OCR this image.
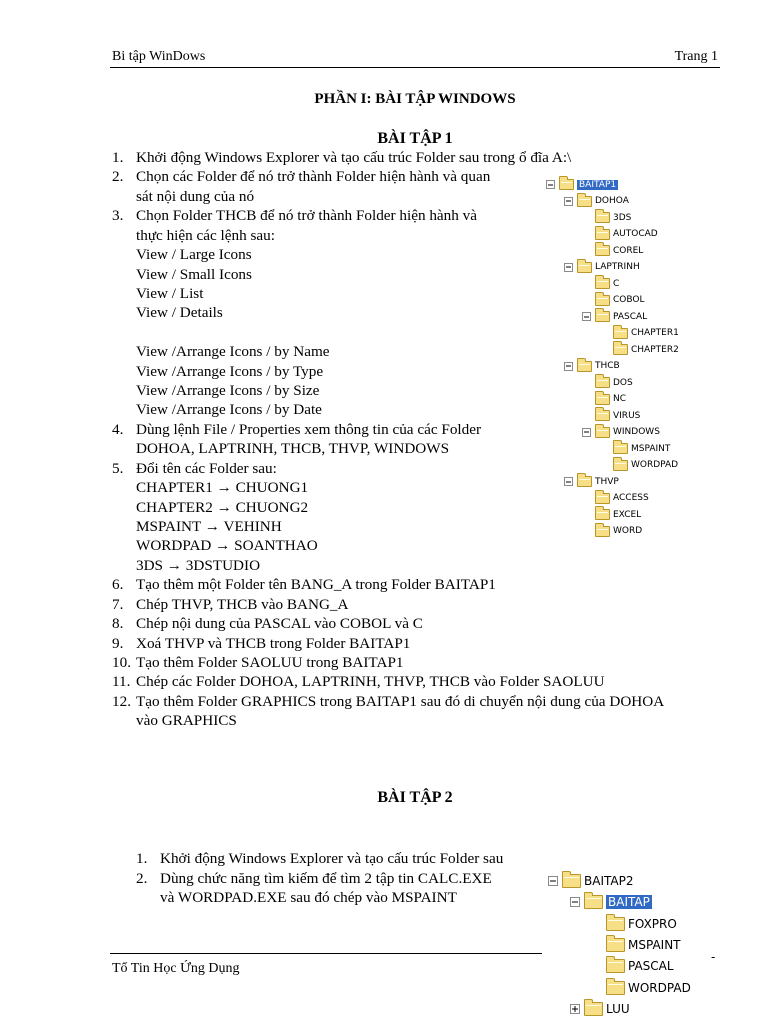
Bi tập WinDows	Trang 1
PHẦN I: BÀI TẬP WINDOWS
BÀI TẬP 1
1. Khởi động Windows Explorer và tạo cấu trúc Folder sau trong ổ đĩa A:\
2. Chọn các Folder để nó trở thành Folder hiện hành và quan
sát nội dung của nó
3. Chọn Folder THCB để nó trở thành Folder hiện hành và
thực hiện các lệnh sau:
View / Large Icons
View / Small Icons
View / List
View / Details
View /Arrange Icons / by Name
View /Arrange Icons / by Type
View /Arrange Icons / by Size
View /Arrange Icons / by Date
4. Dùng lệnh File / Properties xem thông tin của các Folder
DOHOA, LAPTRINH, THCB, THVP, WINDOWS
5. Đổi tên các Folder sau:
CHAPTER1 → CHUONG1
CHAPTER2 → CHUONG2
MSPAINT → VEHINH
WORDPAD → SOANTHAO
3DS → 3DSTUDIO
6. Tạo thêm một Folder tên BANG_A trong Folder BAITAP1
7. Chép THVP, THCB vào BANG_A
8. Chép nội dung của PASCAL vào COBOL và C
9. Xoá THVP và THCB trong Folder BAITAP1
10. Tạo thêm Folder SAOLUU trong BAITAP1
11. Chép các Folder DOHOA, LAPTRINH, THVP, THCB vào Folder SAOLUU
12. Tạo thêm Folder GRAPHICS trong BAITAP1 sau đó di chuyển nội dung của DOHOA
vào GRAPHICS
BAITAP1
DOHOA
3DS
AUTOCAD
COREL
LAPTRINH
C
COBOL
PASCAL
CHAPTER1
CHAPTER2
THCB
DOS
NC
VIRUS
WINDOWS
MSPAINT
WORDPAD
THVP
ACCESS
EXCEL
WORD
BÀI TẬP 2
1. Khởi động Windows Explorer và tạo cấu trúc Folder sau
2. Dùng chức năng tìm kiếm để tìm 2 tập tin CALC.EXE
và WORDPAD.EXE sau đó chép vào MSPAINT
BAITAP2
BAITAP
FOXPRO
MSPAINT
PASCAL
WORDPAD
LUU
Tổ Tin Học Ứng Dụng
-
